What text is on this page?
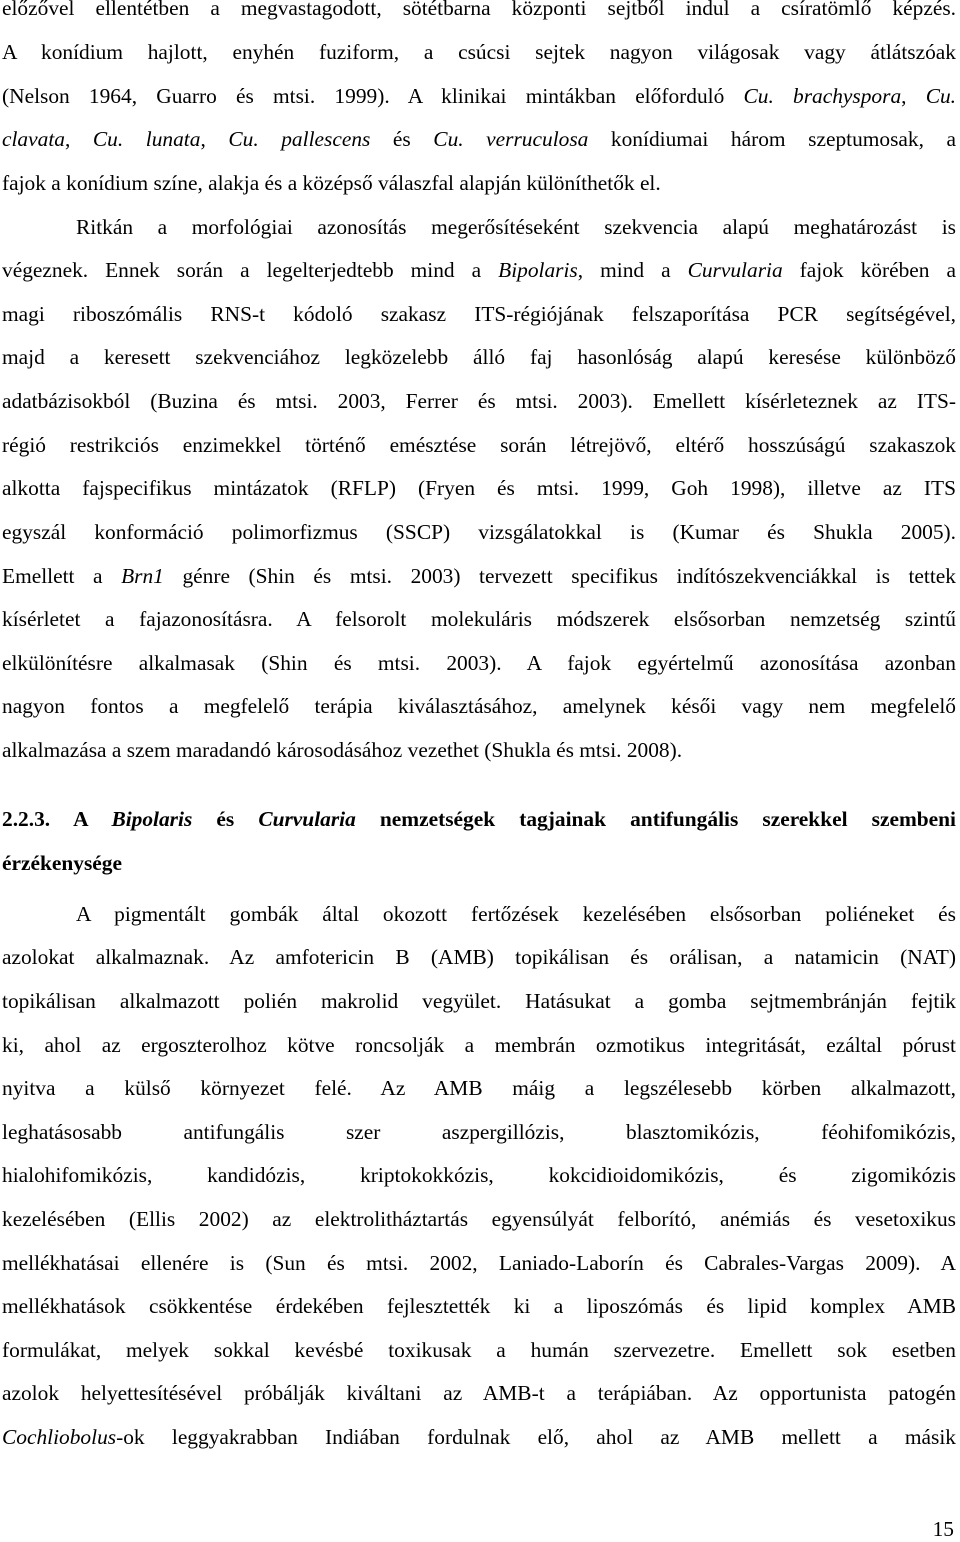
előzővel ellentétben a megvastagodott, sötétbarna központi sejtből indul a csíratömlő képzés.
A konídium hajlott, enyhén fuziform, a csúcsi sejtek nagyon világosak vagy átlátszóak
(Nelson 1964, Guarro és mtsi. 1999). A klinikai mintákban előforduló Cu. brachyspora, Cu.
clavata, Cu. lunata, Cu. pallescens és Cu. verruculosa konídiumai három szeptumosak, a
fajok a konídium színe, alakja és a középső válaszfal alapján különíthetők el.
Ritkán a morfológiai azonosítás megerősítéseként szekvencia alapú meghatározást is
végeznek. Ennek során a legelterjedtebb mind a Bipolaris, mind a Curvularia fajok körében a
magi riboszómális RNS-t kódoló szakasz ITS-régiójának felszaporítása PCR segítségével,
majd a keresett szekvenciához legközelebb álló faj hasonlóság alapú keresése különböző
adatbázisokból (Buzina és mtsi. 2003, Ferrer és mtsi. 2003). Emellett kísérleteznek az ITS-
régió restrikciós enzimekkel történő emésztése során létrejövő, eltérő hosszúságú szakaszok
alkotta fajspecifikus mintázatok (RFLP) (Fryen és mtsi. 1999, Goh 1998), illetve az ITS
egyszál konformáció polimorfizmus (SSCP) vizsgálatokkal is (Kumar és Shukla 2005).
Emellett a Brn1 génre (Shin és mtsi. 2003) tervezett specifikus indítószekvenciákkal is tettek
kísérletet a fajazonosításra. A felsorolt molekuláris módszerek elsősorban nemzetség szintű
elkülönítésre alkalmasak (Shin és mtsi. 2003). A fajok egyértelmű azonosítása azonban
nagyon fontos a megfelelő terápia kiválasztásához, amelynek késői vagy nem megfelelő
alkalmazása a szem maradandó károsodásához vezethet (Shukla és mtsi. 2008).
2.2.3. A Bipolaris és Curvularia nemzetségek tagjainak antifungális szerekkel szembeni
érzékenysége
A pigmentált gombák által okozott fertőzések kezelésében elsősorban poliéneket és
azolokat alkalmaznak. Az amfotericin B (AMB) topikálisan és orálisan, a natamicin (NAT)
topikálisan alkalmazott polién makrolid vegyület. Hatásukat a gomba sejtmembránján fejtik
ki, ahol az ergoszterolhoz kötve roncsolják a membrán ozmotikus integritását, ezáltal pórust
nyitva a külső környezet felé. Az AMB máig a legszélesebb körben alkalmazott,
leghatásosabb antifungális szer aszpergillózis, blasztomikózis, féohifomikózis,
hialohifomikózis, kandidózis, kriptokokkózis, kokcidioidomikózis, és zigomikózis
kezelésében (Ellis 2002) az elektrolitháztartás egyensúlyát felborító, anémiás és vesetoxikus
mellékhatásai ellenére is (Sun és mtsi. 2002, Laniado-Laborín és Cabrales-Vargas 2009). A
mellékhatások csökkentése érdekében fejlesztették ki a liposzómás és lipid komplex AMB
formulákat, melyek sokkal kevésbé toxikusak a humán szervezetre. Emellett sok esetben
azolok helyettesítésével próbálják kiváltani az AMB-t a terápiában. Az opportunista patogén
Cochliobolus-ok leggyakrabban Indiában fordulnak elő, ahol az AMB mellett a másik
15
